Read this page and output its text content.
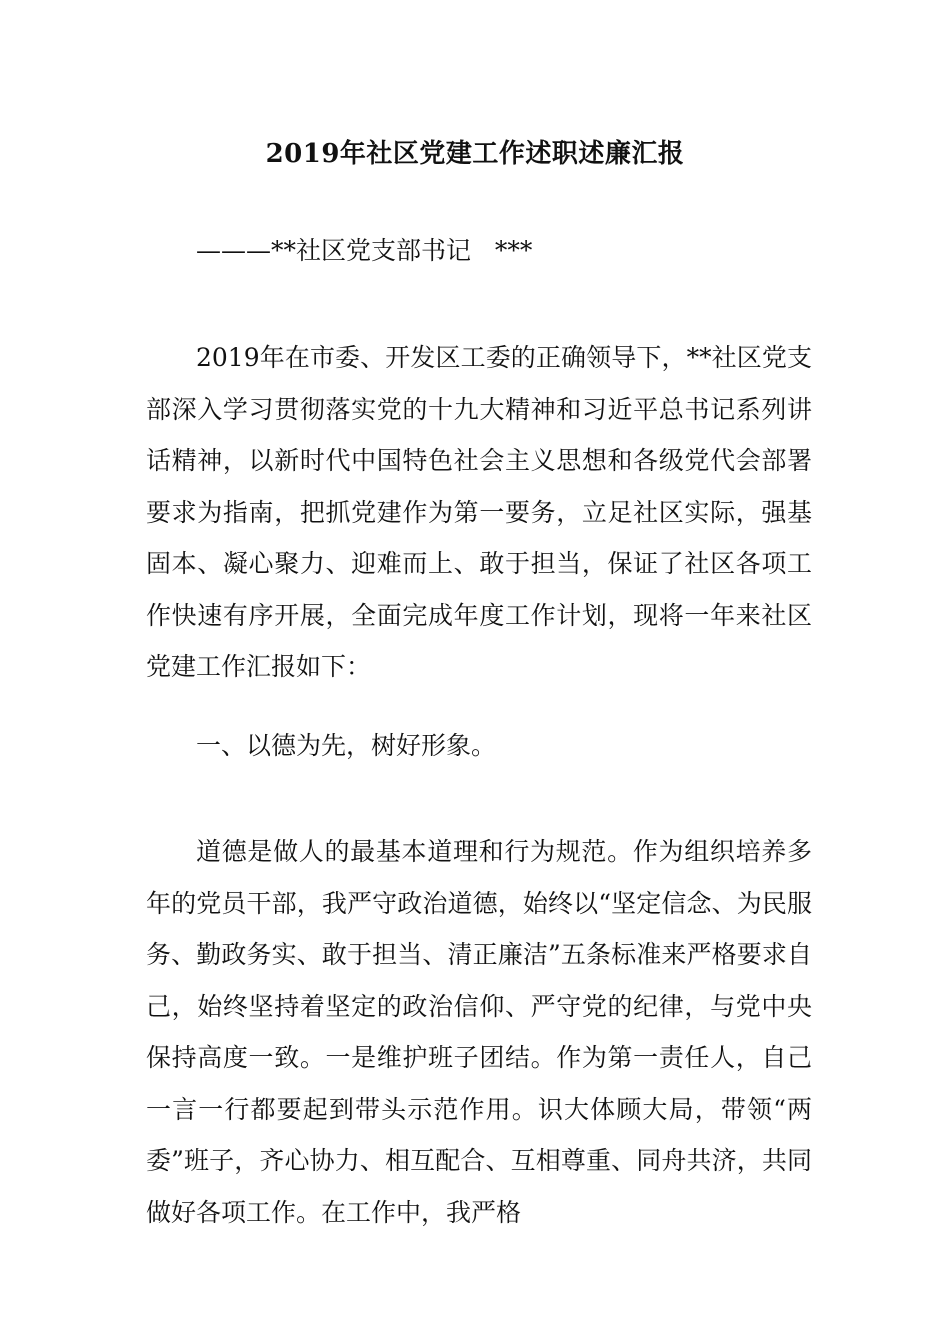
2019年社区党建工作述职述廉汇报
———**社区党支部书记   ***
2019年在市委、开发区工委的正确领导下，**社区党支部深入学习贯彻落实党的十九大精神和习近平总书记系列讲话精神，以新时代中国特色社会主义思想和各级党代会部署要求为指南，把抓党建作为第一要务，立足社区实际，强基固本、凝心聚力、迎难而上、敢于担当，保证了社区各项工作快速有序开展，全面完成年度工作计划，现将一年来社区党建工作汇报如下：
一、以德为先，树好形象。
道德是做人的最基本道理和行为规范。作为组织培养多年的党员干部，我严守政治道德，始终以“坚定信念、为民服务、勤政务实、敢于担当、清正廉洁”五条标准来严格要求自己，始终坚持着坚定的政治信仰、严守党的纪律，与党中央保持高度一致。一是维护班子团结。作为第一责任人，自己一言一行都要起到带头示范作用。识大体顾大局，带领“两委”班子，齐心协力、相互配合、互相尊重、同舟共济，共同做好各项工作。在工作中，我严格
